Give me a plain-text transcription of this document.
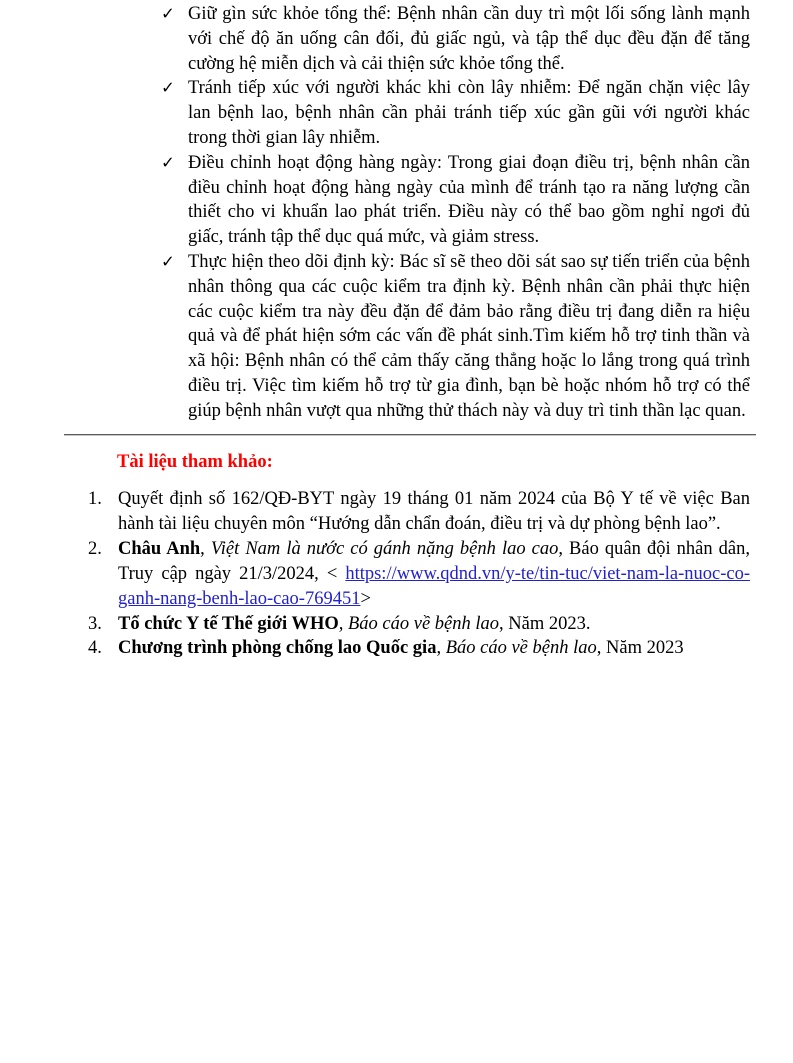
✓ Giữ gìn sức khỏe tổng thể: Bệnh nhân cần duy trì một lối sống lành mạnh với chế độ ăn uống cân đối, đủ giấc ngủ, và tập thể dục đều đặn để tăng cường hệ miễn dịch và cải thiện sức khỏe tổng thể.
✓ Tránh tiếp xúc với người khác khi còn lây nhiễm: Để ngăn chặn việc lây lan bệnh lao, bệnh nhân cần phải tránh tiếp xúc gần gũi với người khác trong thời gian lây nhiễm.
✓ Điều chỉnh hoạt động hàng ngày: Trong giai đoạn điều trị, bệnh nhân cần điều chỉnh hoạt động hàng ngày của mình để tránh tạo ra năng lượng cần thiết cho vi khuẩn lao phát triển. Điều này có thể bao gồm nghỉ ngơi đủ giấc, tránh tập thể dục quá mức, và giảm stress.
✓ Thực hiện theo dõi định kỳ: Bác sĩ sẽ theo dõi sát sao sự tiến triển của bệnh nhân thông qua các cuộc kiểm tra định kỳ. Bệnh nhân cần phải thực hiện các cuộc kiểm tra này đều đặn để đảm bảo rằng điều trị đang diễn ra hiệu quả và để phát hiện sớm các vấn đề phát sinh.Tìm kiếm hỗ trợ tinh thần và xã hội: Bệnh nhân có thể cảm thấy căng thẳng hoặc lo lắng trong quá trình điều trị. Việc tìm kiếm hỗ trợ từ gia đình, bạn bè hoặc nhóm hỗ trợ có thể giúp bệnh nhân vượt qua những thử thách này và duy trì tinh thần lạc quan.
Tài liệu tham khảo:
1. Quyết định số 162/QĐ-BYT ngày 19 tháng 01 năm 2024 của Bộ Y tế về việc Ban hành tài liệu chuyên môn “Hướng dẫn chẩn đoán, điều trị và dự phòng bệnh lao”.
2. Châu Anh, Việt Nam là nước có gánh nặng bệnh lao cao, Báo quân đội nhân dân, Truy cập ngày 21/3/2024, < https://www.qdnd.vn/y-te/tin-tuc/viet-nam-la-nuoc-co-ganh-nang-benh-lao-cao-769451>
3. Tổ chức Y tế Thế giới WHO, Báo cáo về bệnh lao, Năm 2023.
4. Chương trình phòng chống lao Quốc gia, Báo cáo về bệnh lao, Năm 2023
